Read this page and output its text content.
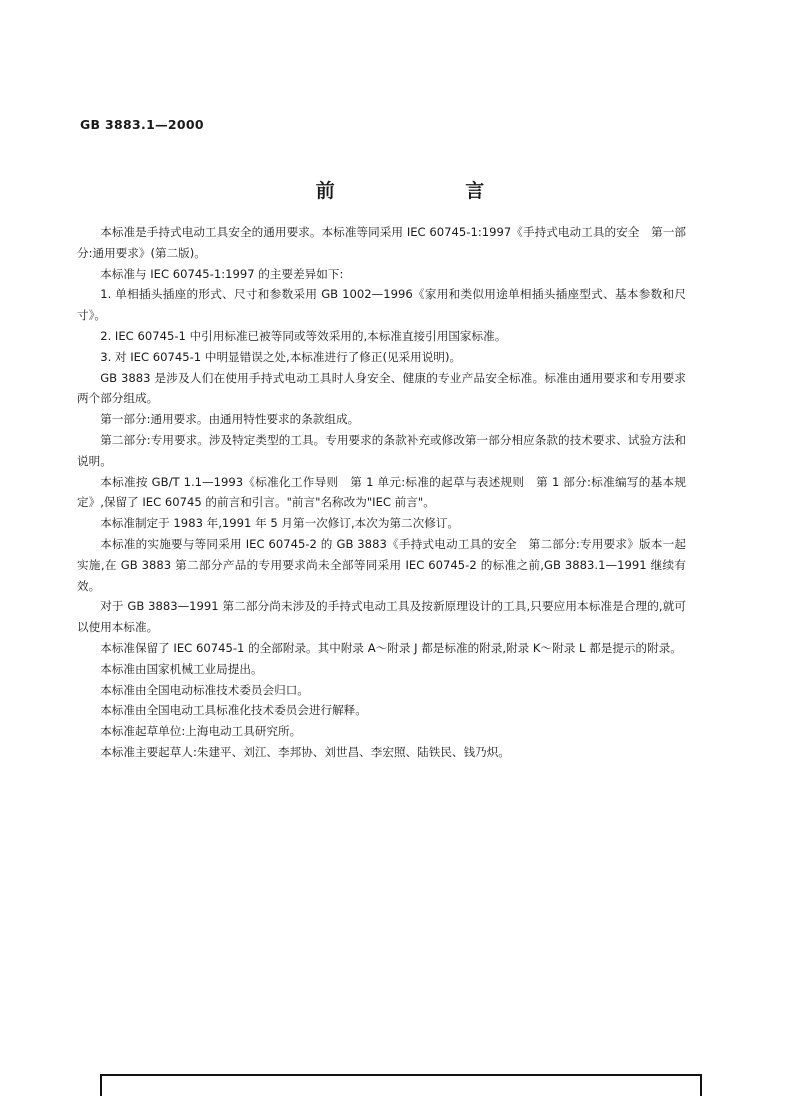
GB 3883.1—2000
前 言

本标准是手持式电动工具安全的通用要求。本标准等同采用 IEC 60745-1:1997《手持式电动工具的安全　第一部分:通用要求》(第二版)。

本标准与 IEC 60745-1:1997 的主要差异如下:

1. 单相插头插座的形式、尺寸和参数采用 GB 1002—1996《家用和类似用途单相插头插座型式、基本参数和尺寸》。

2. IEC 60745-1 中引用标准已被等同或等效采用的,本标准直接引用国家标准。

3. 对 IEC 60745-1 中明显错误之处,本标准进行了修正(见采用说明)。

GB 3883 是涉及人们在使用手持式电动工具时人身安全、健康的专业产品安全标准。标准由通用要求和专用要求两个部分组成。

第一部分:通用要求。由通用特性要求的条款组成。

第二部分:专用要求。涉及特定类型的工具。专用要求的条款补充或修改第一部分相应条款的技术要求、试验方法和说明。

本标准按 GB/T 1.1—1993《标准化工作导则　第 1 单元:标准的起草与表述规则　第 1 部分:标准编写的基本规定》,保留了 IEC 60745 的前言和引言。"前言"名称改为"IEC 前言"。

本标准制定于 1983 年,1991 年 5 月第一次修订,本次为第二次修订。

本标准的实施要与等同采用 IEC 60745-2 的 GB 3883《手持式电动工具的安全　第二部分:专用要求》版本一起实施,在 GB 3883 第二部分产品的专用要求尚未全部等同采用 IEC 60745-2 的标准之前,GB 3883.1—1991 继续有效。

对于 GB 3883—1991 第二部分尚未涉及的手持式电动工具及按新原理设计的工具,只要应用本标准是合理的,就可以使用本标准。

本标准保留了 IEC 60745-1 的全部附录。其中附录 A～附录 J 都是标准的附录,附录 K～附录 L 都是提示的附录。

本标准由国家机械工业局提出。

本标准由全国电动标准技术委员会归口。

本标准由全国电动工具标准化技术委员会进行解释。

本标准起草单位:上海电动工具研究所。

本标准主要起草人:朱建平、刘江、李邦协、刘世昌、李宏照、陆铁民、钱乃炽。
